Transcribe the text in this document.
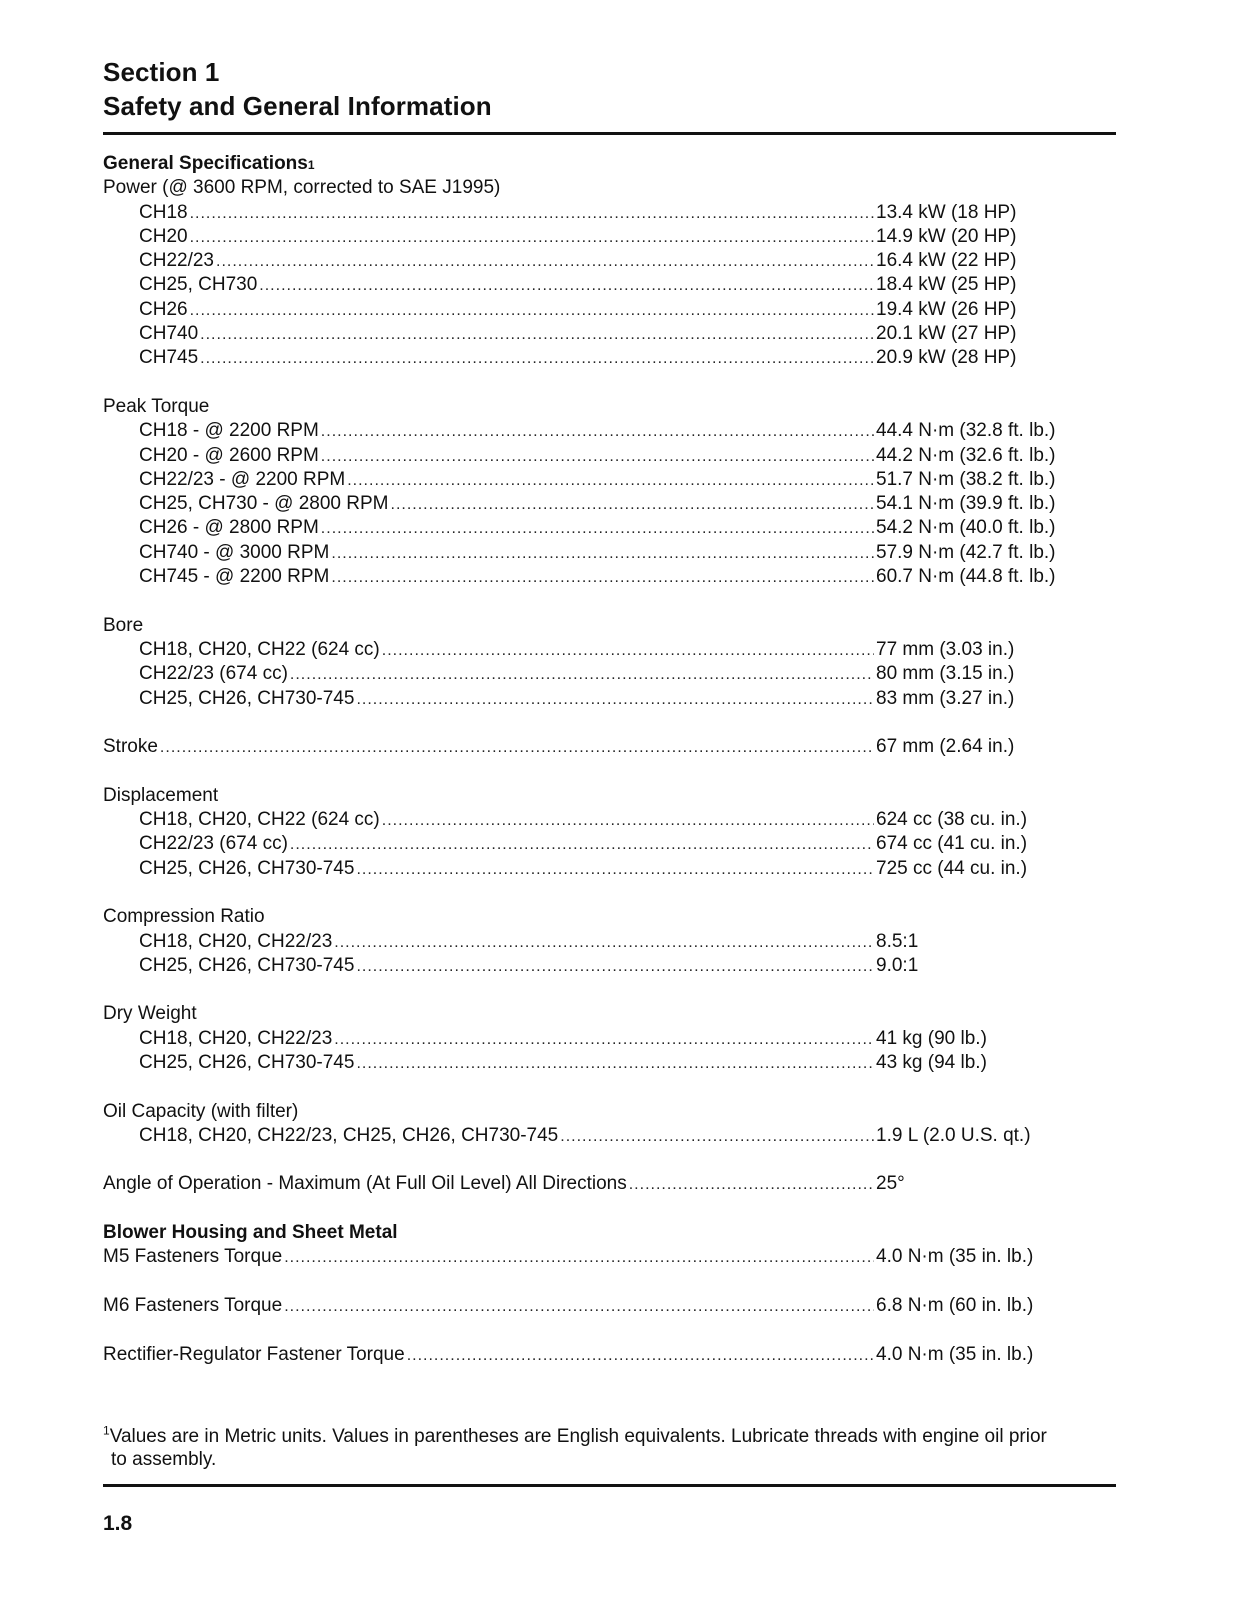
Section 1
Safety and General Information
General Specifications 1
Power (@ 3600 RPM, corrected to SAE J1995)
CH18 .....	13.4 kW (18 HP)
CH20 .....	14.9 kW (20 HP)
CH22/23 .....	16.4 kW (22 HP)
CH25, CH730 .....	18.4 kW (25 HP)
CH26 .....	19.4 kW (26 HP)
CH740 .....	20.1 kW (27 HP)
CH745 .....	20.9 kW (28 HP)
Peak Torque
CH18 - @ 2200 RPM .....	44.4 N·m (32.8 ft. lb.)
CH20 - @ 2600 RPM .....	44.2 N·m (32.6 ft. lb.)
CH22/23 - @ 2200 RPM .....	51.7 N·m (38.2 ft. lb.)
CH25, CH730 - @ 2800 RPM .....	54.1 N·m (39.9 ft. lb.)
CH26 - @ 2800 RPM .....	54.2 N·m (40.0 ft. lb.)
CH740 - @ 3000 RPM .....	57.9 N·m (42.7 ft. lb.)
CH745 - @ 2200 RPM .....	60.7 N·m (44.8 ft. lb.)
Bore
CH18, CH20, CH22 (624 cc) .....	77 mm (3.03 in.)
CH22/23 (674 cc) .....	80 mm (3.15 in.)
CH25, CH26, CH730-745 .....	83 mm (3.27 in.)
Stroke .....	67 mm (2.64 in.)
Displacement
CH18, CH20, CH22 (624 cc) .....	624 cc (38 cu. in.)
CH22/23 (674 cc) .....	674 cc (41 cu. in.)
CH25, CH26, CH730-745 .....	725 cc (44 cu. in.)
Compression Ratio
CH18, CH20, CH22/23 .....	8.5:1
CH25, CH26, CH730-745 .....	9.0:1
Dry Weight
CH18, CH20, CH22/23 .....	41 kg (90 lb.)
CH25, CH26, CH730-745 .....	43 kg (94 lb.)
Oil Capacity (with filter)
CH18, CH20, CH22/23, CH25, CH26, CH730-745 .....	1.9 L (2.0 U.S. qt.)
Angle of Operation - Maximum (At Full Oil Level) All Directions .....	25°
Blower Housing and Sheet Metal
M5 Fasteners Torque .....	4.0 N·m (35 in. lb.)
M6 Fasteners Torque .....	6.8 N·m (60 in. lb.)
Rectifier-Regulator Fastener Torque .....	4.0 N·m (35 in. lb.)
$^1$Values are in Metric units. Values in parentheses are English equivalents. Lubricate threads with engine oil prior
to assembly.
1.8
